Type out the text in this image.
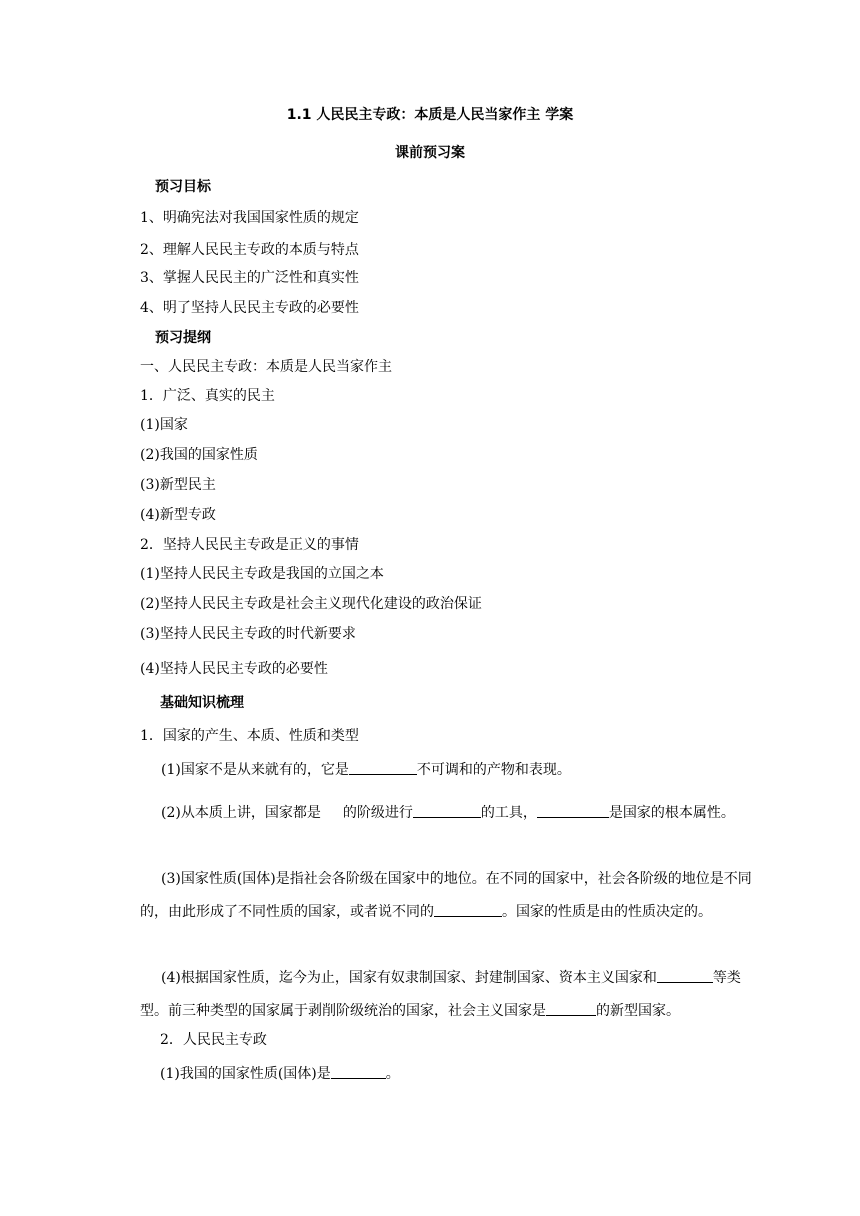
1.1 人民民主专政：本质是人民当家作主 学案
课前预习案
预习目标
1、明确宪法对我国国家性质的规定
2、理解人民民主专政的本质与特点
3、掌握人民民主的广泛性和真实性
4、明了坚持人民民主专政的必要性
预习提纲
一、人民民主专政：本质是人民当家作主
1．广泛、真实的民主
(1)国家
(2)我国的国家性质
(3)新型民主
(4)新型专政
2．坚持人民民主专政是正义的事情
(1)坚持人民民主专政是我国的立国之本
(2)坚持人民民主专政是社会主义现代化建设的政治保证
(3)坚持人民民主专政的时代新要求
(4)坚持人民民主专政的必要性
基础知识梳理
1．国家的产生、本质、性质和类型
(1)国家不是从来就有的，它是	不可调和的产物和表现。
(2)从本质上讲，国家都是 的阶级进行	的工具，	是国家的根本属性。
(3)国家性质(国体)是指社会各阶级在国家中的地位。在不同的国家中，社会各阶级的地位是不同的，由此形成了不同性质的国家，或者说不同的	。国家的性质是由的性质决定的。
(4)根据国家性质，迄今为止，国家有奴隶制国家、封建制国家、资本主义国家和	等类型。前三种类型的国家属于剥削阶级统治的国家，社会主义国家是	的新型国家。
2．人民民主专政
(1)我国的国家性质(国体)是	。
